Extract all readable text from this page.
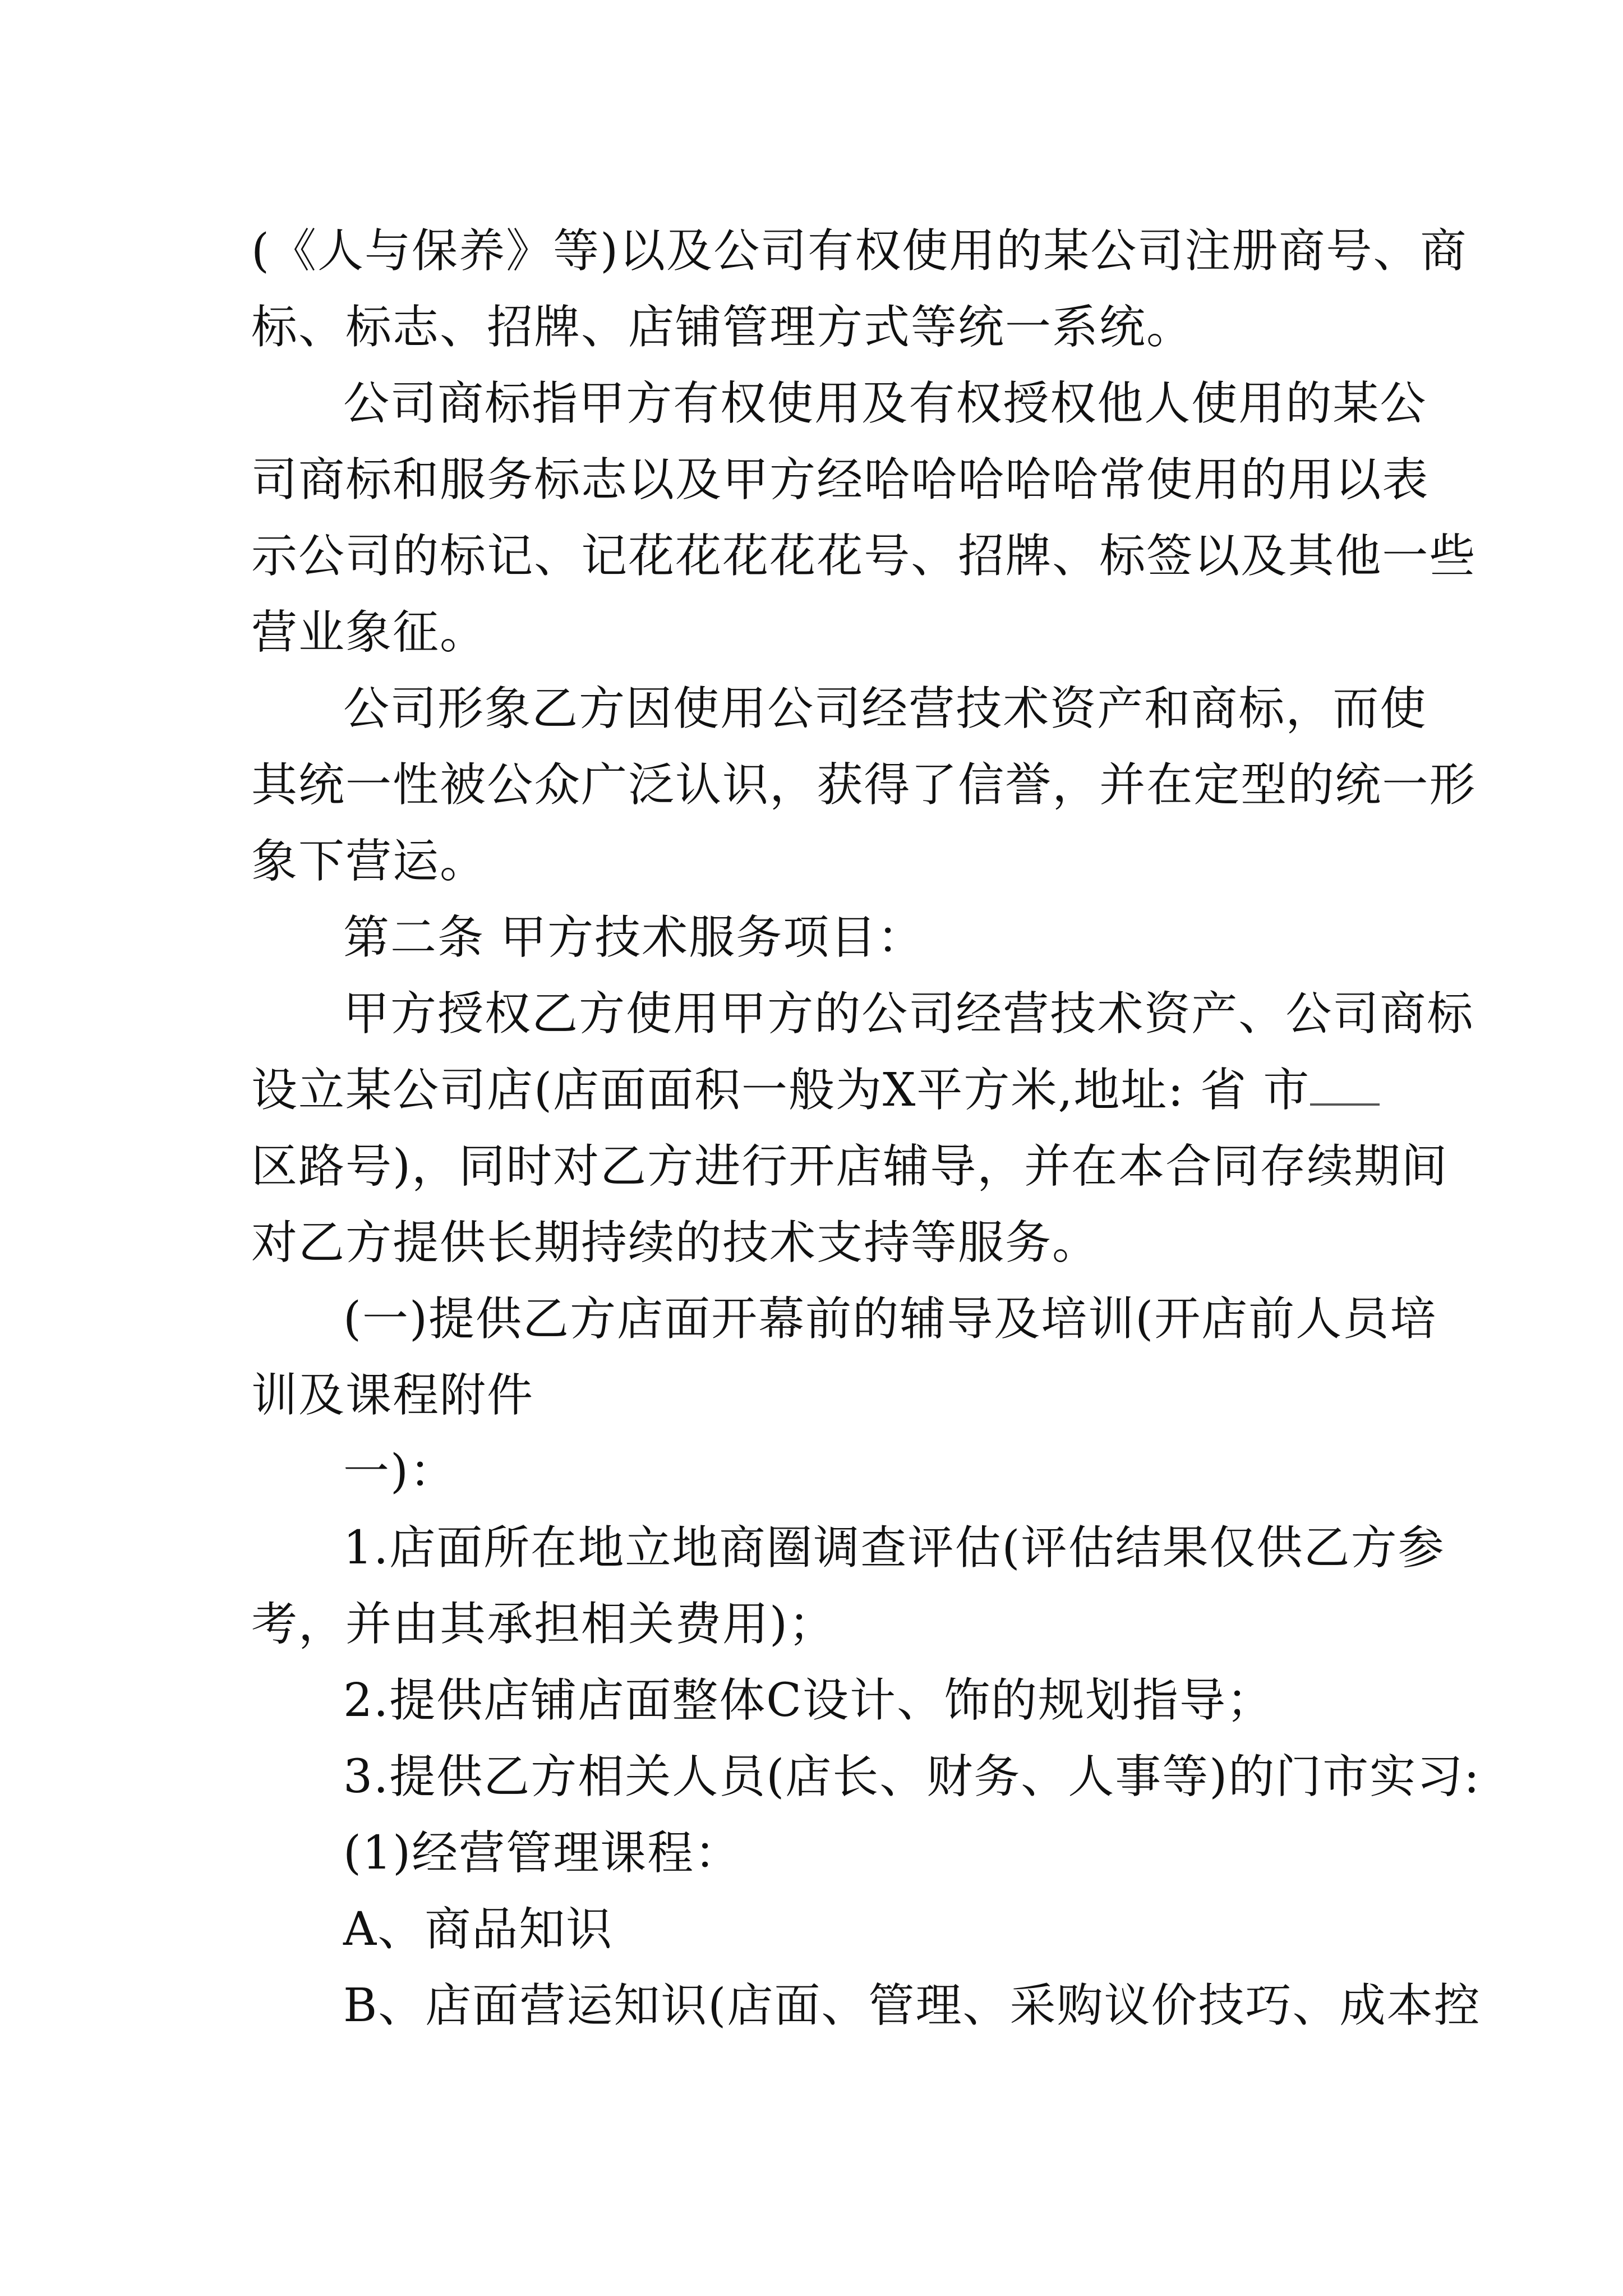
( 《 人 与 保 养 》 等 ) 以 及 公 司 有 权 使 用 的 某 公 司 注 册 商 号 、 商
标、标志、招牌、店铺管理方式等统一系统。
公 司 商 标 指 甲 方 有 权 使 用 及 有 权 授 权 他 人 使 用 的 某 公
司 商 标 和 服 务 标 志 以 及 甲 方 经 哈 哈 哈 哈 哈 常 使 用 的 用 以 表
示 公 司 的 标 记 、 记 花 花 花 花 花 号 、 招 牌 、 标 签 以 及 其 他 一 些
营业象征。
公 司 形 象 乙 方 因 使 用 公 司 经 营 技 术 资 产 和 商 标 ， 而 使
其 统 一 性 被 公 众 广 泛 认 识 ， 获 得 了 信 誉 ， 并 在 定 型 的 统 一 形
象下营运。
第二条 甲方技术服务项目：
甲 方 授 权 乙 方 使 用 甲 方 的 公 司 经 营 技 术 资 产 、 公 司 商 标
设立某公司店(店面面积一般为X平方米,地址: 省 市
区 路 号 ) ， 同 时 对 乙 方 进 行 开 店 辅 导 ， 并 在 本 合 同 存 续 期 间
对乙方提供长期持续的技术支持等服务。
( 一 ) 提 供 乙 方 店 面 开 幕 前 的 辅 导 及 培 训 ( 开 店 前 人 员 培
训及课程附件
一)：
1 . 店 面 所 在 地 立 地 商 圈 调 查 评 估 ( 评 估 结 果 仅 供 乙 方 参
考，并由其承担相关费用)；
2.提供店铺店面整体C设计、饰的规划指导；
3.提供乙方相关人员(店长、财务、人事等)的门市实习:
(1)经营管理课程：
A、商品知识
B 、 店 面 营 运 知 识 ( 店 面 、 管 理 、 采 购 议 价 技 巧 、 成 本 控
